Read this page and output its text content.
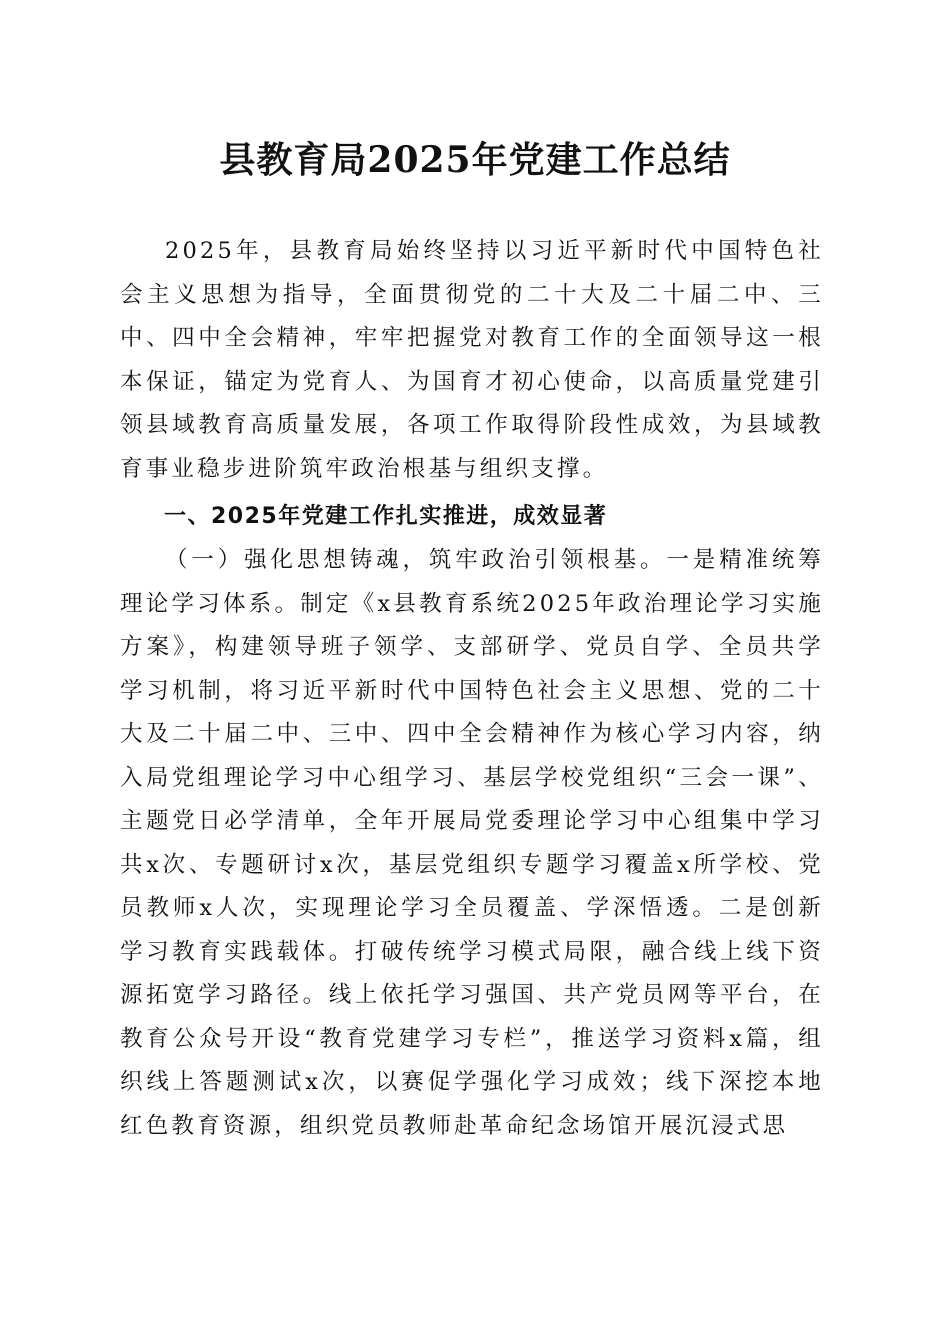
县教育局2025年党建工作总结

2025年，县教育局始终坚持以习近平新时代中国特色社会主义思想为指导，全面贯彻党的二十大及二十届二中、三中、四中全会精神，牢牢把握党对教育工作的全面领导这一根本保证，锚定为党育人、为国育才初心使命，以高质量党建引领县域教育高质量发展，各项工作取得阶段性成效，为县域教育事业稳步进阶筑牢政治根基与组织支撑。

一、2025年党建工作扎实推进，成效显著

（一）强化思想铸魂，筑牢政治引领根基。一是精准统筹理论学习体系。制定《x县教育系统2025年政治理论学习实施方案》，构建领导班子领学、支部研学、党员自学、全员共学学习机制，将习近平新时代中国特色社会主义思想、党的二十大及二十届二中、三中、四中全会精神作为核心学习内容，纳入局党组理论学习中心组学习、基层学校党组织“三会一课”、主题党日必学清单，全年开展局党委理论学习中心组集中学习共x次、专题研讨x次，基层党组织专题学习覆盖x所学校、党员教师x人次，实现理论学习全员覆盖、学深悟透。二是创新学习教育实践载体。打破传统学习模式局限，融合线上线下资源拓宽学习路径。线上依托学习强国、共产党员网等平台，在教育公众号开设“教育党建学习专栏”，推送学习资料x篇，组织线上答题测试x次，以赛促学强化学习成效；线下深挖本地红色教育资源，组织党员教师赴革命纪念场馆开展沉浸式思
